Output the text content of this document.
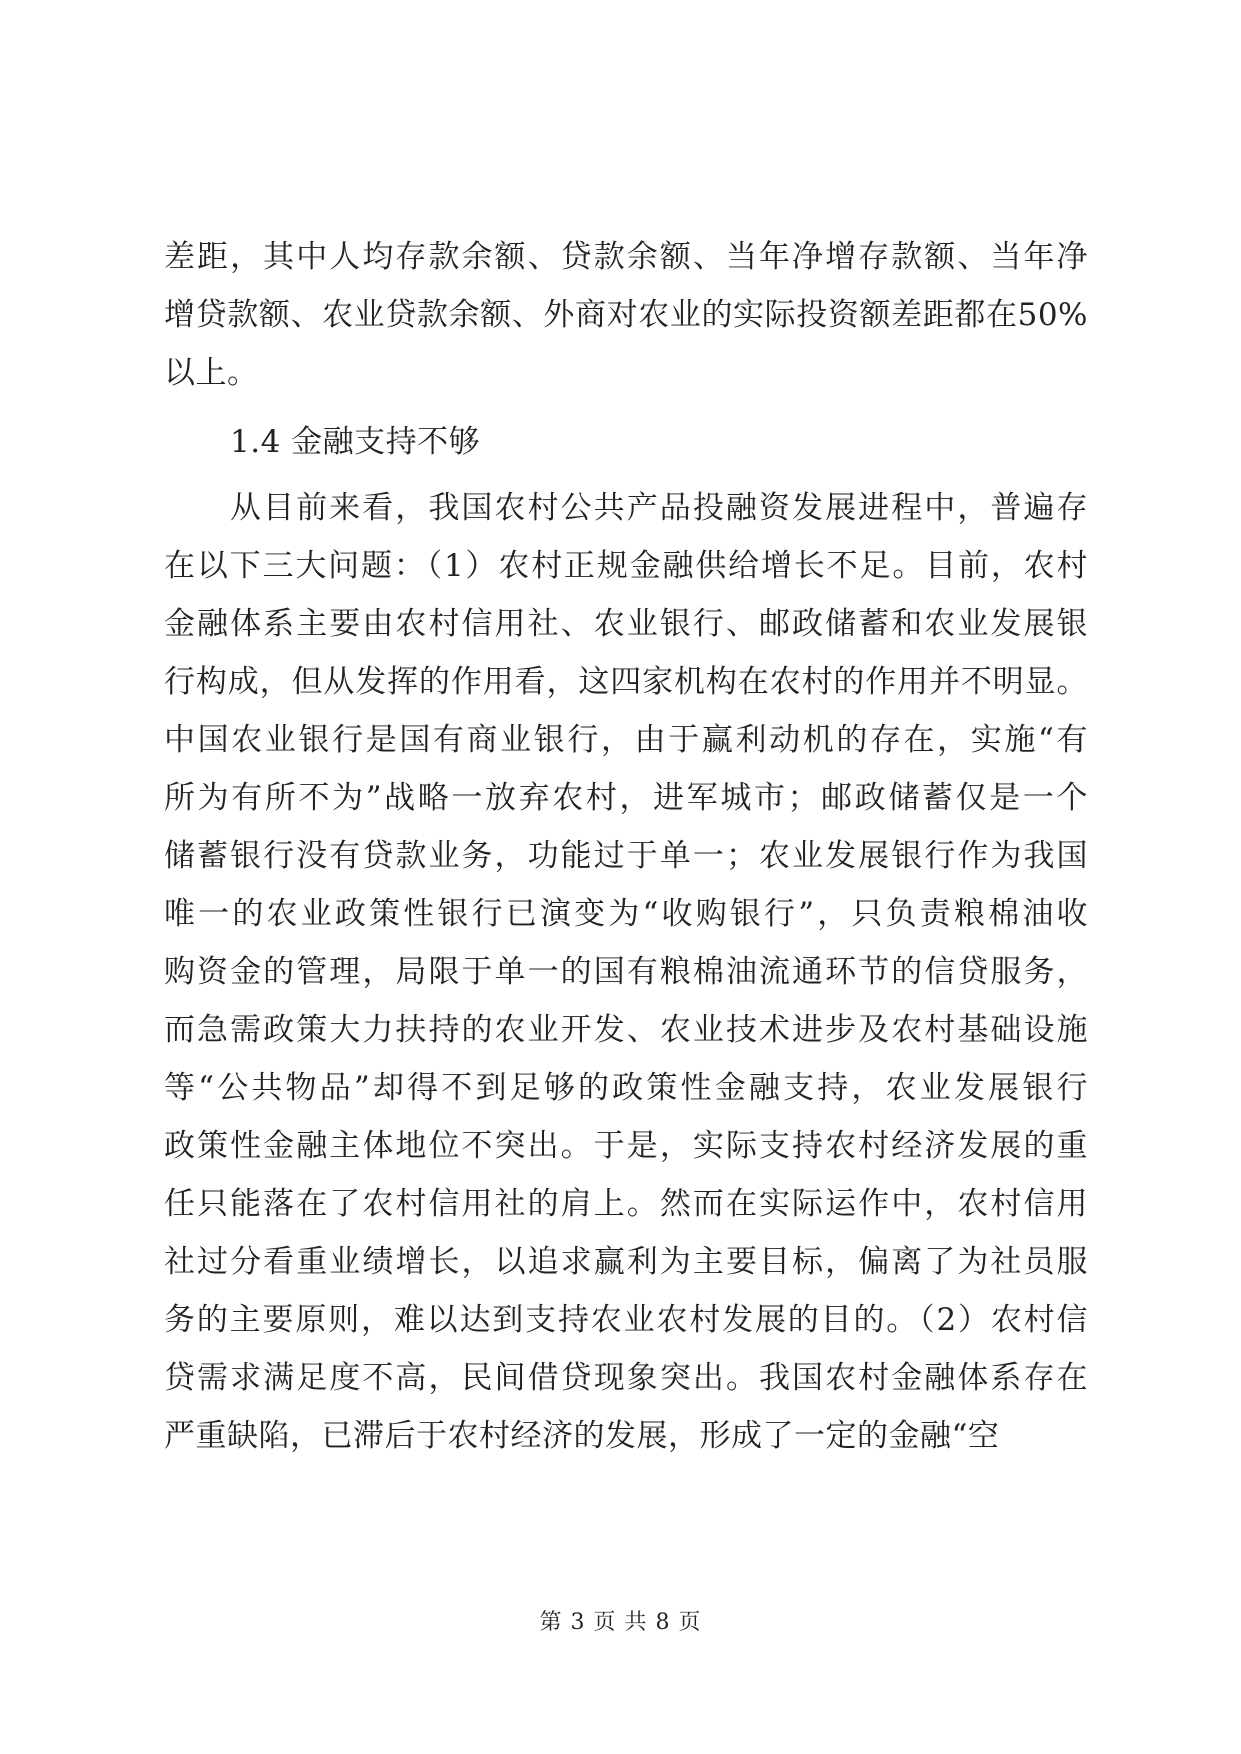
差距，其中人均存款余额、贷款余额、当年净增存款额、当年净
增贷款额、农业贷款余额、外商对农业的实际投资额差距都在50%
以上。
1.4 金融支持不够
从目前来看，我国农村公共产品投融资发展进程中，普遍存
在以下三大问题：（1）农村正规金融供给增长不足。目前，农村
金融体系主要由农村信用社、农业银行、邮政储蓄和农业发展银
行构成，但从发挥的作用看，这四家机构在农村的作用并不明显。
中国农业银行是国有商业银行，由于赢利动机的存在，实施“有
所为有所不为”战略一放弃农村，进军城市；邮政储蓄仅是一个
储蓄银行没有贷款业务，功能过于单一；农业发展银行作为我国
唯一的农业政策性银行已演变为“收购银行”，只负责粮棉油收
购资金的管理，局限于单一的国有粮棉油流通环节的信贷服务，
而急需政策大力扶持的农业开发、农业技术进步及农村基础设施
等“公共物品”却得不到足够的政策性金融支持，农业发展银行
政策性金融主体地位不突出。于是，实际支持农村经济发展的重
任只能落在了农村信用社的肩上。然而在实际运作中，农村信用
社过分看重业绩增长，以追求赢利为主要目标，偏离了为社员服
务的主要原则，难以达到支持农业农村发展的目的。（2）农村信
贷需求满足度不高，民间借贷现象突出。我国农村金融体系存在
严重缺陷，已滞后于农村经济的发展，形成了一定的金融“空
第 3 页 共 8 页
